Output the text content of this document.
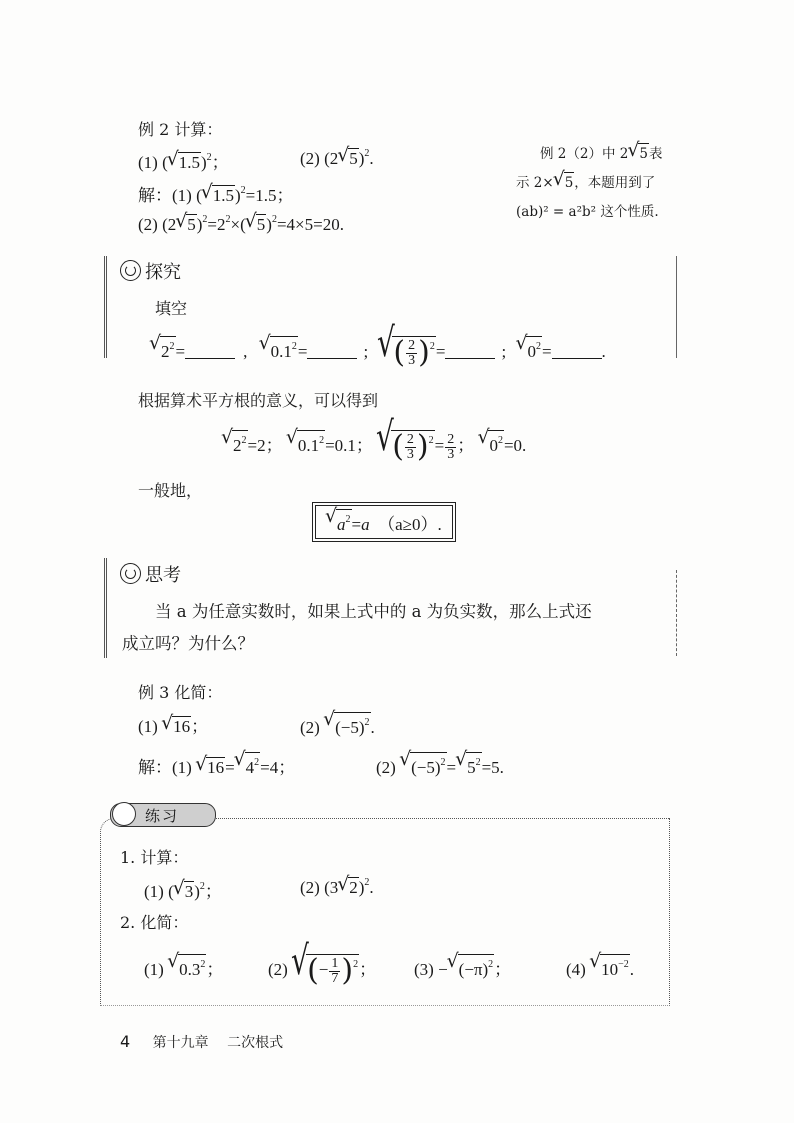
例 2 计算：
(1) (√ 1.5)$^2$；	(2) (2√ 5)$^2$.
解：(1) (√ 1.5)$^2$=1.5；
(2) (2√ $5)^2=2^2\times(√$ 5)$^2$=4×5=20.
例 2（2）中 2√ 5表
示 2×√ 5，本题用到了
(ab)² = a²b² 这个性质.
探究
填空
√ $2^2=$	, √ $0.1^2=$	; √ ( $\frac{2}{3} )^2=$	; √ $0^2=$	.
根据算术平方根的意义，可以得到
√ $2^2=2$； √ $0.1^2=0.1$； √ ( $\frac{2}{3} )^2= \frac{2}{3}$ ； √ $0^2=0$.
一般地，
√ $a^2=a$ （a≥0）.
思考
当 a 为任意实数时，如果上式中的 a 为负实数，那么上式还
成立吗？为什么？
例 3 化简：
(1) √ 16；	(2) √ $(-5)^2$.
解：(1) √ 16=√ $4^2=4$；	(2) √ $(-5)^2=√$ $5^2=5$.
练习
1. 计算：
(1) (√ 3)$^2$；	(2) (3√ 2)$^2$.
2. 化简：
(1) √ $0.3^2$；	(2) √ (− $\frac{1}{7} )^2$； (3) −√ $(-\pi)^2$；	(4) √ $10^{-2}$.
4 第十九章 二次根式
